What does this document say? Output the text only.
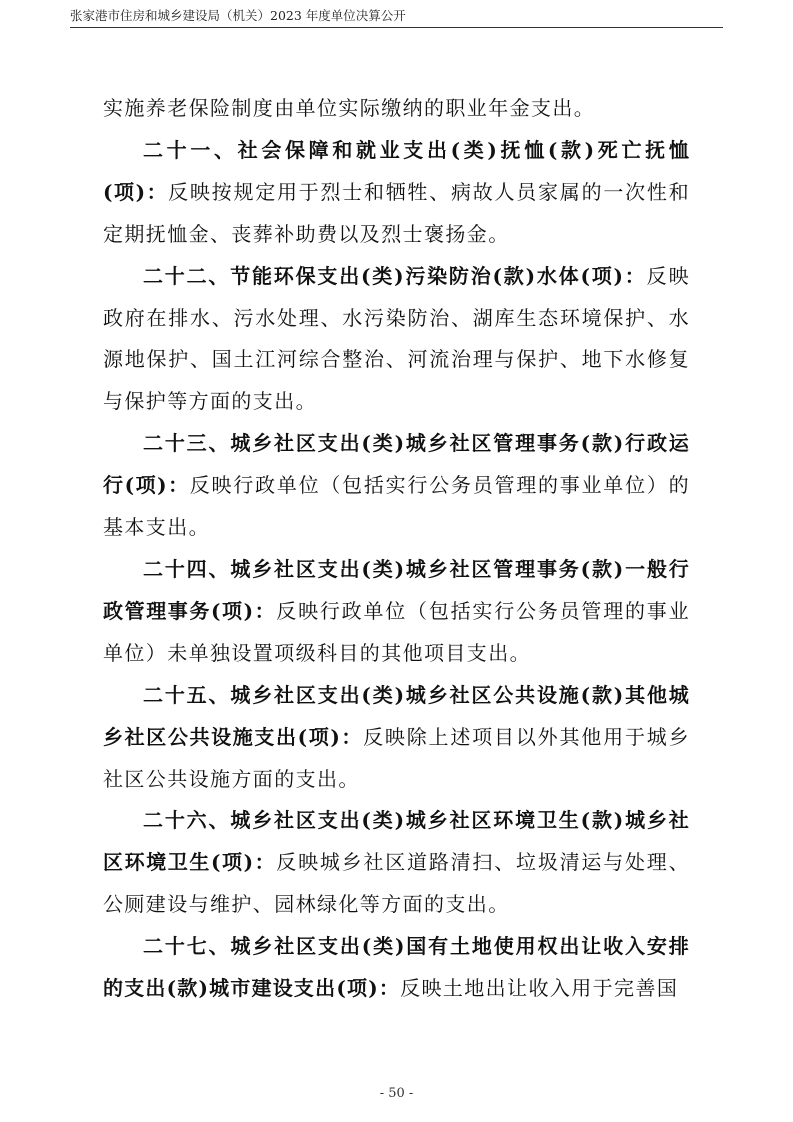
张家港市住房和城乡建设局（机关）2023 年度单位决算公开

实施养老保险制度由单位实际缴纳的职业年金支出。

二十一、社会保障和就业支出(类)抚恤(款)死亡抚恤(项)：反映按规定用于烈士和牺牲、病故人员家属的一次性和定期抚恤金、丧葬补助费以及烈士褒扬金。

二十二、节能环保支出(类)污染防治(款)水体(项)：反映政府在排水、污水处理、水污染防治、湖库生态环境保护、水源地保护、国土江河综合整治、河流治理与保护、地下水修复与保护等方面的支出。

二十三、城乡社区支出(类)城乡社区管理事务(款)行政运行(项)：反映行政单位（包括实行公务员管理的事业单位）的基本支出。

二十四、城乡社区支出(类)城乡社区管理事务(款)一般行政管理事务(项)：反映行政单位（包括实行公务员管理的事业单位）未单独设置项级科目的其他项目支出。

二十五、城乡社区支出(类)城乡社区公共设施(款)其他城乡社区公共设施支出(项)：反映除上述项目以外其他用于城乡社区公共设施方面的支出。

二十六、城乡社区支出(类)城乡社区环境卫生(款)城乡社区环境卫生(项)：反映城乡社区道路清扫、垃圾清运与处理、公厕建设与维护、园林绿化等方面的支出。

二十七、城乡社区支出(类)国有土地使用权出让收入安排的支出(款)城市建设支出(项)：反映土地出让收入用于完善国

- 50 -
